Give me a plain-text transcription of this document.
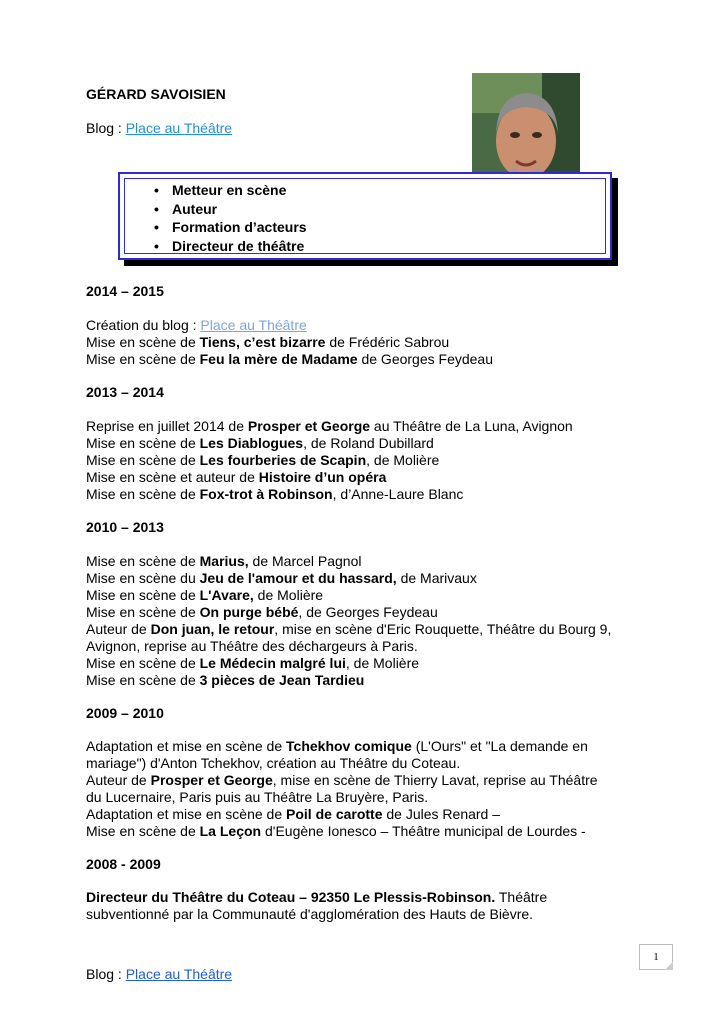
GÉRARD SAVOISIEN
Blog : Place au Théâtre
• Metteur en scène
• Auteur
• Formation d’acteurs
• Directeur de théâtre
2014 – 2015
Création du blog : Place au Théâtre
Mise en scène de Tiens, c’est bizarre de Frédéric Sabrou
Mise en scène de Feu la mère de Madame de Georges Feydeau
2013 – 2014
Reprise en juillet 2014 de Prosper et George au Théâtre de La Luna, Avignon
Mise en scène de Les Diablogues, de Roland Dubillard
Mise en scène de Les fourberies de Scapin, de Molière
Mise en scène et auteur de Histoire d’un opéra
Mise en scène de Fox-trot à Robinson, d’Anne-Laure Blanc
2010 – 2013
Mise en scène de Marius, de Marcel Pagnol
Mise en scène du Jeu de l'amour et du hassard, de Marivaux
Mise en scène de L'Avare, de Molière
Mise en scène de On purge bébé, de Georges Feydeau
Auteur de Don juan, le retour, mise en scène d'Eric Rouquette, Théâtre du Bourg 9,
Avignon, reprise au Théâtre des déchargeurs à Paris.
Mise en scène de Le Médecin malgré lui, de Molière
Mise en scène de 3 pièces de Jean Tardieu
2009 – 2010
Adaptation et mise en scène de Tchekhov comique (L'Ours" et "La demande en
mariage") d'Anton Tchekhov, création au Théâtre du Coteau.
Auteur de Prosper et George, mise en scène de Thierry Lavat, reprise au Théâtre
du Lucernaire, Paris puis au Théâtre La Bruyère, Paris.
Adaptation et mise en scène de Poil de carotte de Jules Renard –
Mise en scène de La Leçon d'Eugène Ionesco – Théâtre municipal de Lourdes -
2008 - 2009
Directeur du Théâtre du Coteau – 92350 Le Plessis-Robinson. Théâtre
subventionné par la Communauté d'agglomération des Hauts de Bièvre.
Blog : Place au Théâtre
1
